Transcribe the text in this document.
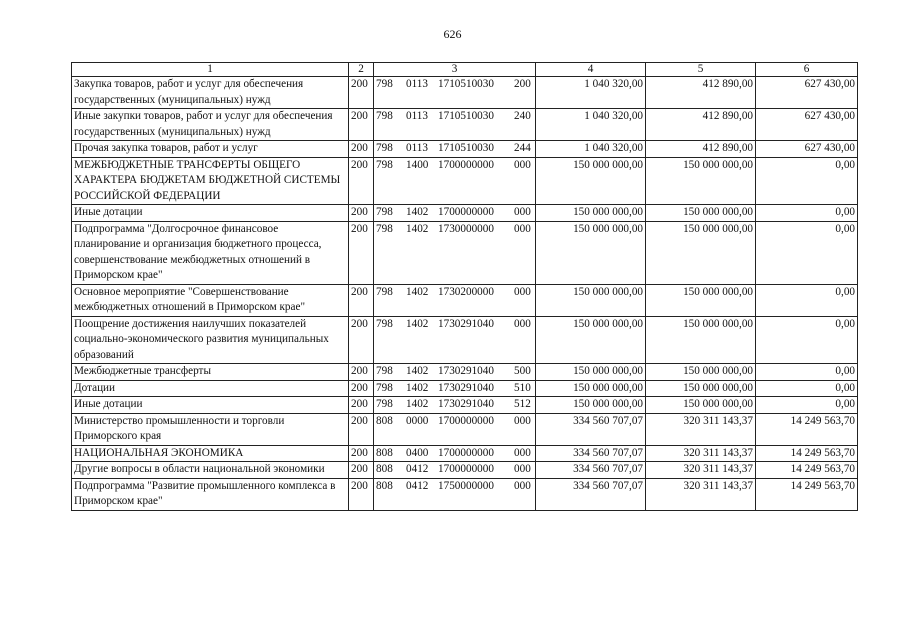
626
1	2	3	4	5	6
Закупка товаров, работ и услуг для обеспечения государственных (муниципальных) нужд	200	798 0113 1710510030 200	1 040 320,00	412 890,00	627 430,00
Иные закупки товаров, работ и услуг для обеспечения государственных (муниципальных) нужд	200	798 0113 1710510030 240	1 040 320,00	412 890,00	627 430,00
Прочая закупка товаров, работ и услуг	200	798 0113 1710510030 244	1 040 320,00	412 890,00	627 430,00
МЕЖБЮДЖЕТНЫЕ ТРАНСФЕРТЫ ОБЩЕГО ХАРАКТЕРА БЮДЖЕТАМ БЮДЖЕТНОЙ СИСТЕМЫ РОССИЙСКОЙ ФЕДЕРАЦИИ	200	798 1400 1700000000 000	150 000 000,00	150 000 000,00	0,00
Иные дотации	200	798 1402 1700000000 000	150 000 000,00	150 000 000,00	0,00
Подпрограмма "Долгосрочное финансовое планирование и организация бюджетного процесса, совершенствование межбюджетных отношений в Приморском крае"	200	798 1402 1730000000 000	150 000 000,00	150 000 000,00	0,00
Основное мероприятие "Совершенствование межбюджетных отношений в Приморском крае"	200	798 1402 1730200000 000	150 000 000,00	150 000 000,00	0,00
Поощрение достижения наилучших показателей социально-экономического развития муниципальных образований	200	798 1402 1730291040 000	150 000 000,00	150 000 000,00	0,00
Межбюджетные трансферты	200	798 1402 1730291040 500	150 000 000,00	150 000 000,00	0,00
Дотации	200	798 1402 1730291040 510	150 000 000,00	150 000 000,00	0,00
Иные дотации	200	798 1402 1730291040 512	150 000 000,00	150 000 000,00	0,00
Министерство промышленности и торговли Приморского края	200	808 0000 1700000000 000	334 560 707,07	320 311 143,37	14 249 563,70
НАЦИОНАЛЬНАЯ ЭКОНОМИКА	200	808 0400 1700000000 000	334 560 707,07	320 311 143,37	14 249 563,70
Другие вопросы в области национальной экономики	200	808 0412 1700000000 000	334 560 707,07	320 311 143,37	14 249 563,70
Подпрограмма "Развитие промышленного комплекса в Приморском крае"	200	808 0412 1750000000 000	334 560 707,07	320 311 143,37	14 249 563,70
